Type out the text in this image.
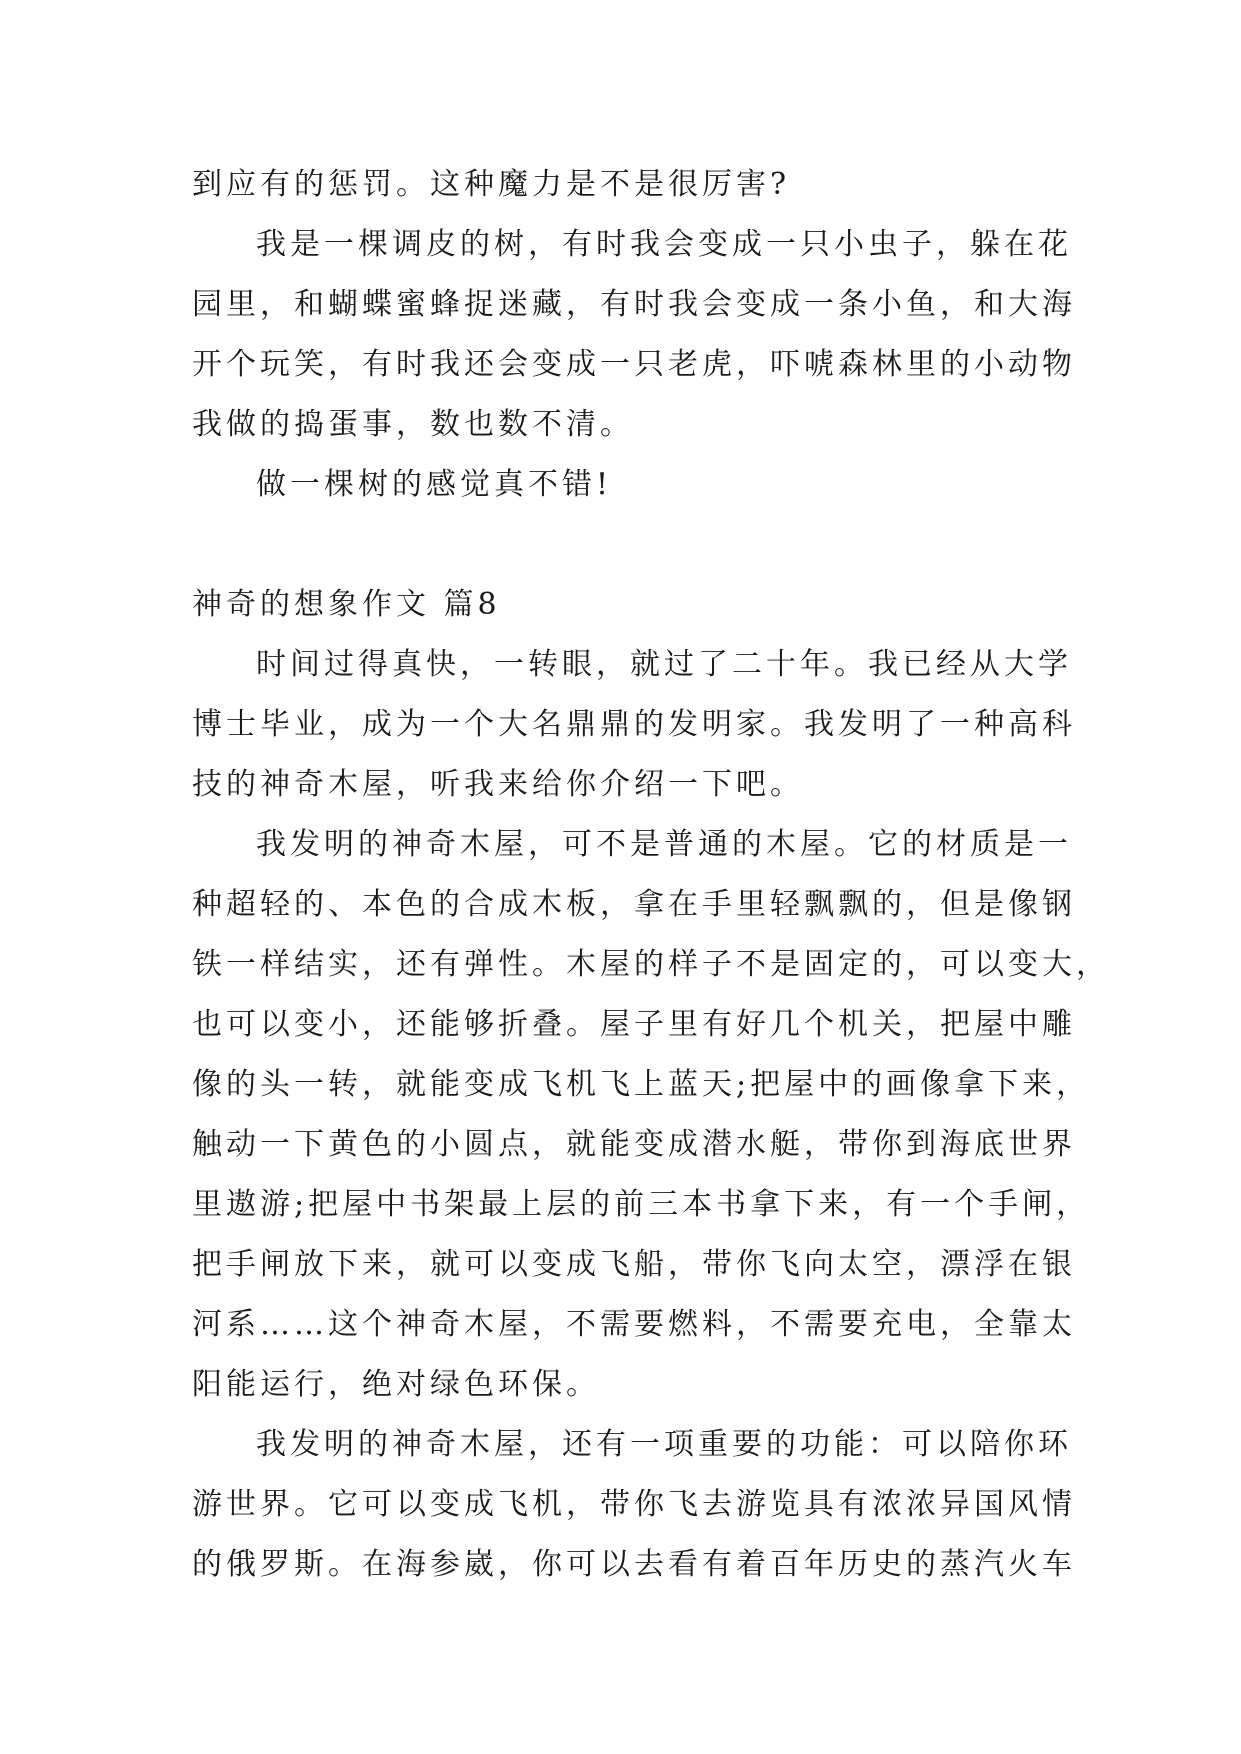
到应有的惩罚。这种魔力是不是很厉害?
我是一棵调皮的树，有时我会变成一只小虫子，躲在花
园里，和蝴蝶蜜蜂捉迷藏，有时我会变成一条小鱼，和大海
开个玩笑，有时我还会变成一只老虎，吓唬森林里的小动物
我做的捣蛋事，数也数不清。
做一棵树的感觉真不错!
神奇的想象作文 篇8
时间过得真快，一转眼，就过了二十年。我已经从大学
博士毕业，成为一个大名鼎鼎的发明家。我发明了一种高科
技的神奇木屋，听我来给你介绍一下吧。
我发明的神奇木屋，可不是普通的木屋。它的材质是一
种超轻的、本色的合成木板，拿在手里轻飘飘的，但是像钢
铁一样结实，还有弹性。木屋的样子不是固定的，可以变大，
也可以变小，还能够折叠。屋子里有好几个机关，把屋中雕
像的头一转，就能变成飞机飞上蓝天;把屋中的画像拿下来，
触动一下黄色的小圆点，就能变成潜水艇，带你到海底世界
里遨游;把屋中书架最上层的前三本书拿下来，有一个手闸，
把手闸放下来，就可以变成飞船，带你飞向太空，漂浮在银
河系……这个神奇木屋，不需要燃料，不需要充电，全靠太
阳能运行，绝对绿色环保。
我发明的神奇木屋，还有一项重要的功能：可以陪你环
游世界。它可以变成飞机，带你飞去游览具有浓浓异国风情
的俄罗斯。在海参崴，你可以去看有着百年历史的蒸汽火车
